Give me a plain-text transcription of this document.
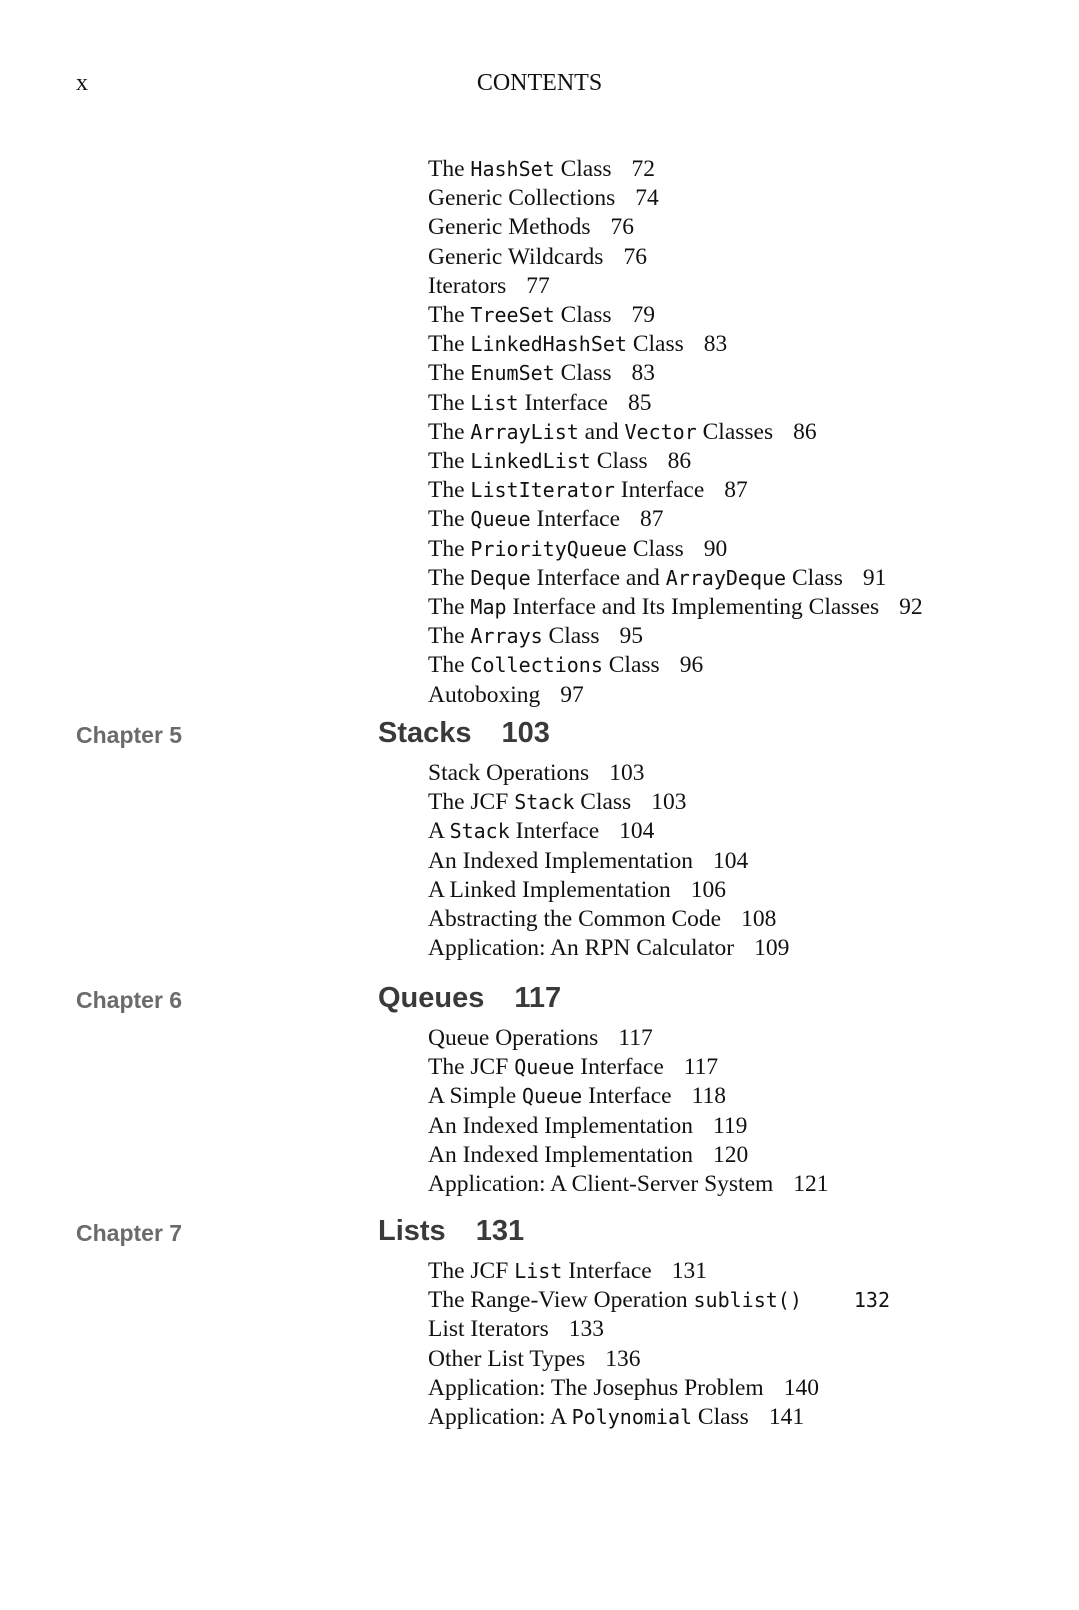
x	CONTENTS
The HashSet Class 72
Generic Collections 74
Generic Methods 76
Generic Wildcards 76
Iterators 77
The TreeSet Class 79
The LinkedHashSet Class 83
The EnumSet Class 83
The List Interface 85
The ArrayList and Vector Classes 86
The LinkedList Class 86
The ListIterator Interface 87
The Queue Interface 87
The PriorityQueue Class 90
The Deque Interface and ArrayDeque Class 91
The Map Interface and Its Implementing Classes 92
The Arrays Class 95
The Collections Class 96
Autoboxing 97
Chapter 5	Stacks 103
Stack Operations 103
The JCF Stack Class 103
A Stack Interface 104
An Indexed Implementation 104
A Linked Implementation 106
Abstracting the Common Code 108
Application: An RPN Calculator 109
Chapter 6	Queues 117
Queue Operations 117
The JCF Queue Interface 117
A Simple Queue Interface 118
An Indexed Implementation 119
An Indexed Implementation 120
Application: A Client-Server System 121
Chapter 7	Lists 131
The JCF List Interface 131
The Range-View Operation sublist()	132
List Iterators 133
Other List Types 136
Application: The Josephus Problem 140
Application: A Polynomial Class 141
